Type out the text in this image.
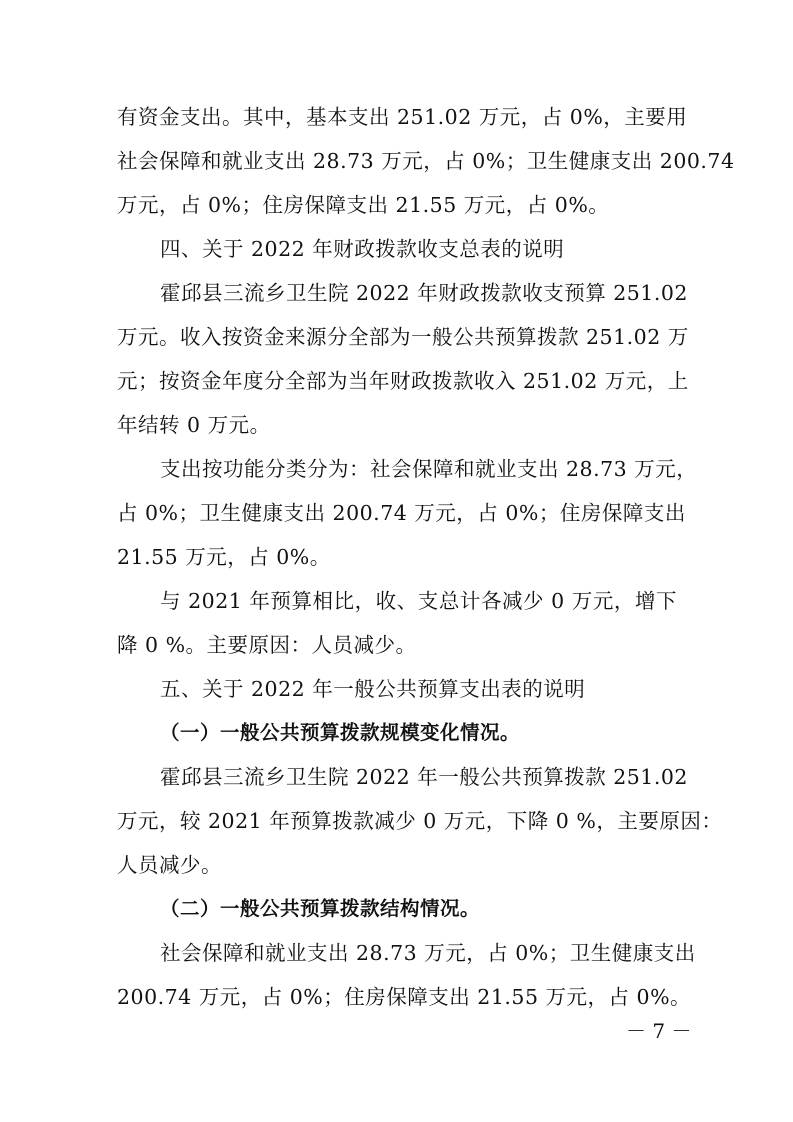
有资金支出。其中，基本支出 251.02 万元，占 0%，主要用
社会保障和就业支出 28.73 万元，占 0%；卫生健康支出 200.74
万元，占 0%；住房保障支出 21.55 万元，占 0%。
四、关于 2022 年财政拨款收支总表的说明
霍邱县三流乡卫生院 2022 年财政拨款收支预算 251.02
万元。收入按资金来源分全部为一般公共预算拨款 251.02 万
元；按资金年度分全部为当年财政拨款收入 251.02 万元，上
年结转 0 万元。
支出按功能分类分为：社会保障和就业支出 28.73 万元，
占 0%；卫生健康支出 200.74 万元，占 0%；住房保障支出
21.55 万元，占 0%。
与 2021 年预算相比，收、支总计各减少 0 万元，增下
降 0 %。主要原因：人员减少。
五、关于 2022 年一般公共预算支出表的说明
（一）一般公共预算拨款规模变化情况。
霍邱县三流乡卫生院 2022 年一般公共预算拨款 251.02
万元，较 2021 年预算拨款减少 0 万元，下降 0 %，主要原因：
人员减少。
（二）一般公共预算拨款结构情况。
社会保障和就业支出 28.73 万元，占 0%；卫生健康支出
200.74 万元，占 0%；住房保障支出 21.55 万元，占 0%。
－ 7 －
